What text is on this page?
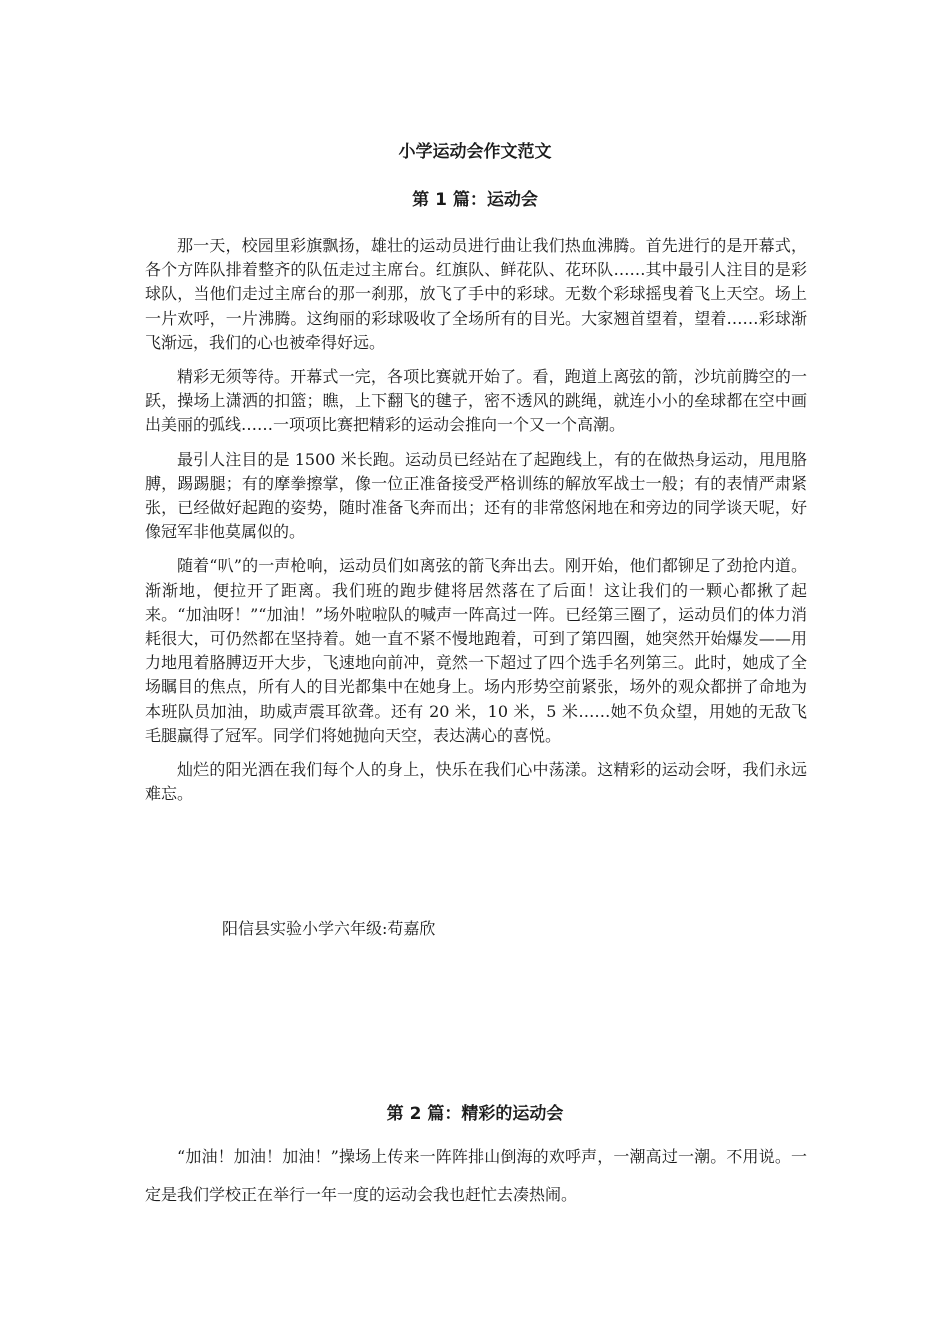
小学运动会作文范文
第 1 篇：运动会

那一天，校园里彩旗飘扬，雄壮的运动员进行曲让我们热血沸腾。首先进行的是开幕式，各个方阵队排着整齐的队伍走过主席台。红旗队、鲜花队、花环队……其中最引人注目的是彩球队，当他们走过主席台的那一刹那，放飞了手中的彩球。无数个彩球摇曳着飞上天空。场上一片欢呼，一片沸腾。这绚丽的彩球吸收了全场所有的目光。大家翘首望着，望着……彩球渐飞渐远，我们的心也被牵得好远。

精彩无须等待。开幕式一完，各项比赛就开始了。看，跑道上离弦的箭，沙坑前腾空的一跃，操场上潇洒的扣篮；瞧，上下翻飞的毽子，密不透风的跳绳，就连小小的垒球都在空中画出美丽的弧线……一项项比赛把精彩的运动会推向一个又一个高潮。

最引人注目的是 1500 米长跑。运动员已经站在了起跑线上，有的在做热身运动，甩甩胳膊，踢踢腿；有的摩拳擦掌，像一位正准备接受严格训练的解放军战士一般；有的表情严肃紧张，已经做好起跑的姿势，随时准备飞奔而出；还有的非常悠闲地在和旁边的同学谈天呢，好像冠军非他莫属似的。

随着“叭”的一声枪响，运动员们如离弦的箭飞奔出去。刚开始，他们都铆足了劲抢内道。渐渐地，便拉开了距离。我们班的跑步健将居然落在了后面！这让我们的一颗心都揪了起来。“加油呀！”“加油！”场外啦啦队的喊声一阵高过一阵。已经第三圈了，运动员们的体力消耗很大，可仍然都在坚持着。她一直不紧不慢地跑着，可到了第四圈，她突然开始爆发——用力地甩着胳膊迈开大步，飞速地向前冲，竟然一下超过了四个选手名列第三。此时，她成了全场瞩目的焦点，所有人的目光都集中在她身上。场内形势空前紧张，场外的观众都拼了命地为本班队员加油，助威声震耳欲聋。还有 20 米，10 米，5 米……她不负众望，用她的无敌飞毛腿赢得了冠军。同学们将她抛向天空，表达满心的喜悦。

灿烂的阳光洒在我们每个人的身上，快乐在我们心中荡漾。这精彩的运动会呀，我们永远难忘。

阳信县实验小学六年级:苟嘉欣
第 2 篇：精彩的运动会

“加油！加油！加油！”操场上传来一阵阵排山倒海的欢呼声，一潮高过一潮。不用说。一定是我们学校正在举行一年一度的运动会我也赶忙去凑热闹。
